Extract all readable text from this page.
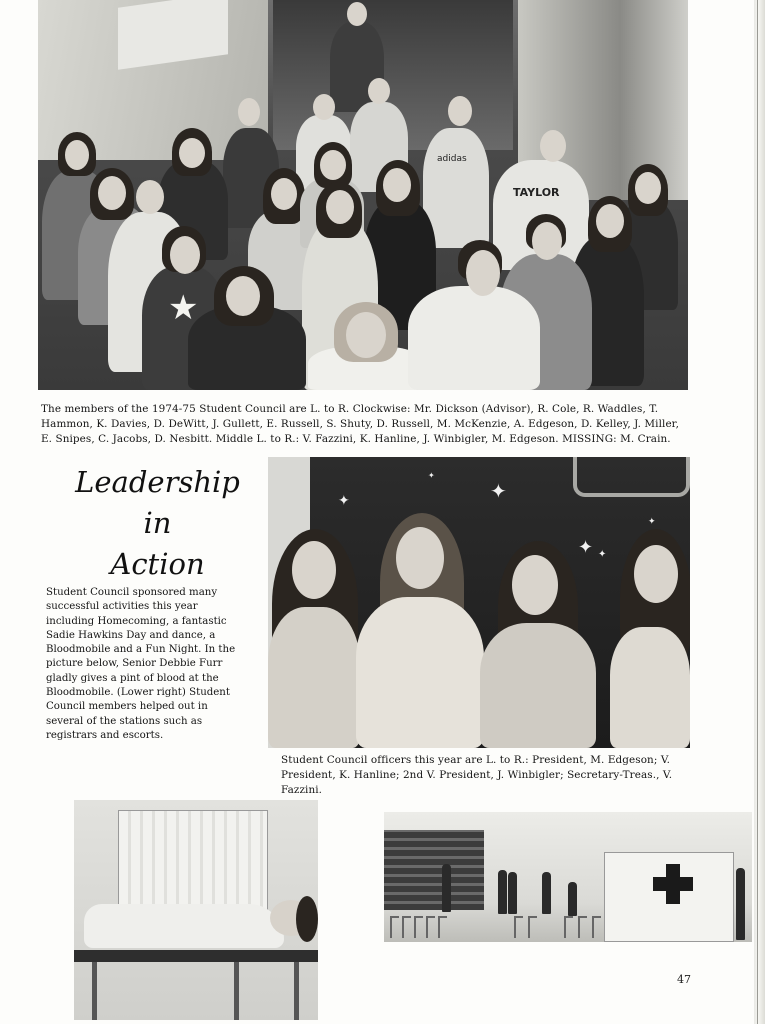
adidas
TAYLOR
★
The members of the 1974-75 Student Council are L. to R. Clockwise: Mr. Dickson (Advisor), R. Cole, R. Waddles, T. Hammon, K. Davies, D. DeWitt, J. Gullett, E. Russell, S. Shuty, D. Russell, M. McKenzie, A. Edgeson, D. Kelley, J. Miller, E. Snipes, C. Jacobs, D. Nesbitt. Middle L. to R.: V. Fazzini, K. Hanline, J. Winbigler, M. Edgeson. MISSING: M. Crain.
Leadership
in
Action
Student Council sponsored many successful activities this year including Homecoming, a fantastic Sadie Hawkins Day and dance, a Bloodmobile and a Fun Night. In the picture below, Senior Debbie Furr gladly gives a pint of blood at the Bloodmobile. (Lower right) Student Council members helped out in several of the stations such as registrars and escorts.
✦
✦
✦ ✦
✦
✦
Student Council officers this year are L. to R.: President, M. Edgeson; V. President, K. Hanline; 2nd V. President, J. Winbigler; Secretary-Treas., V. Fazzini.
47
